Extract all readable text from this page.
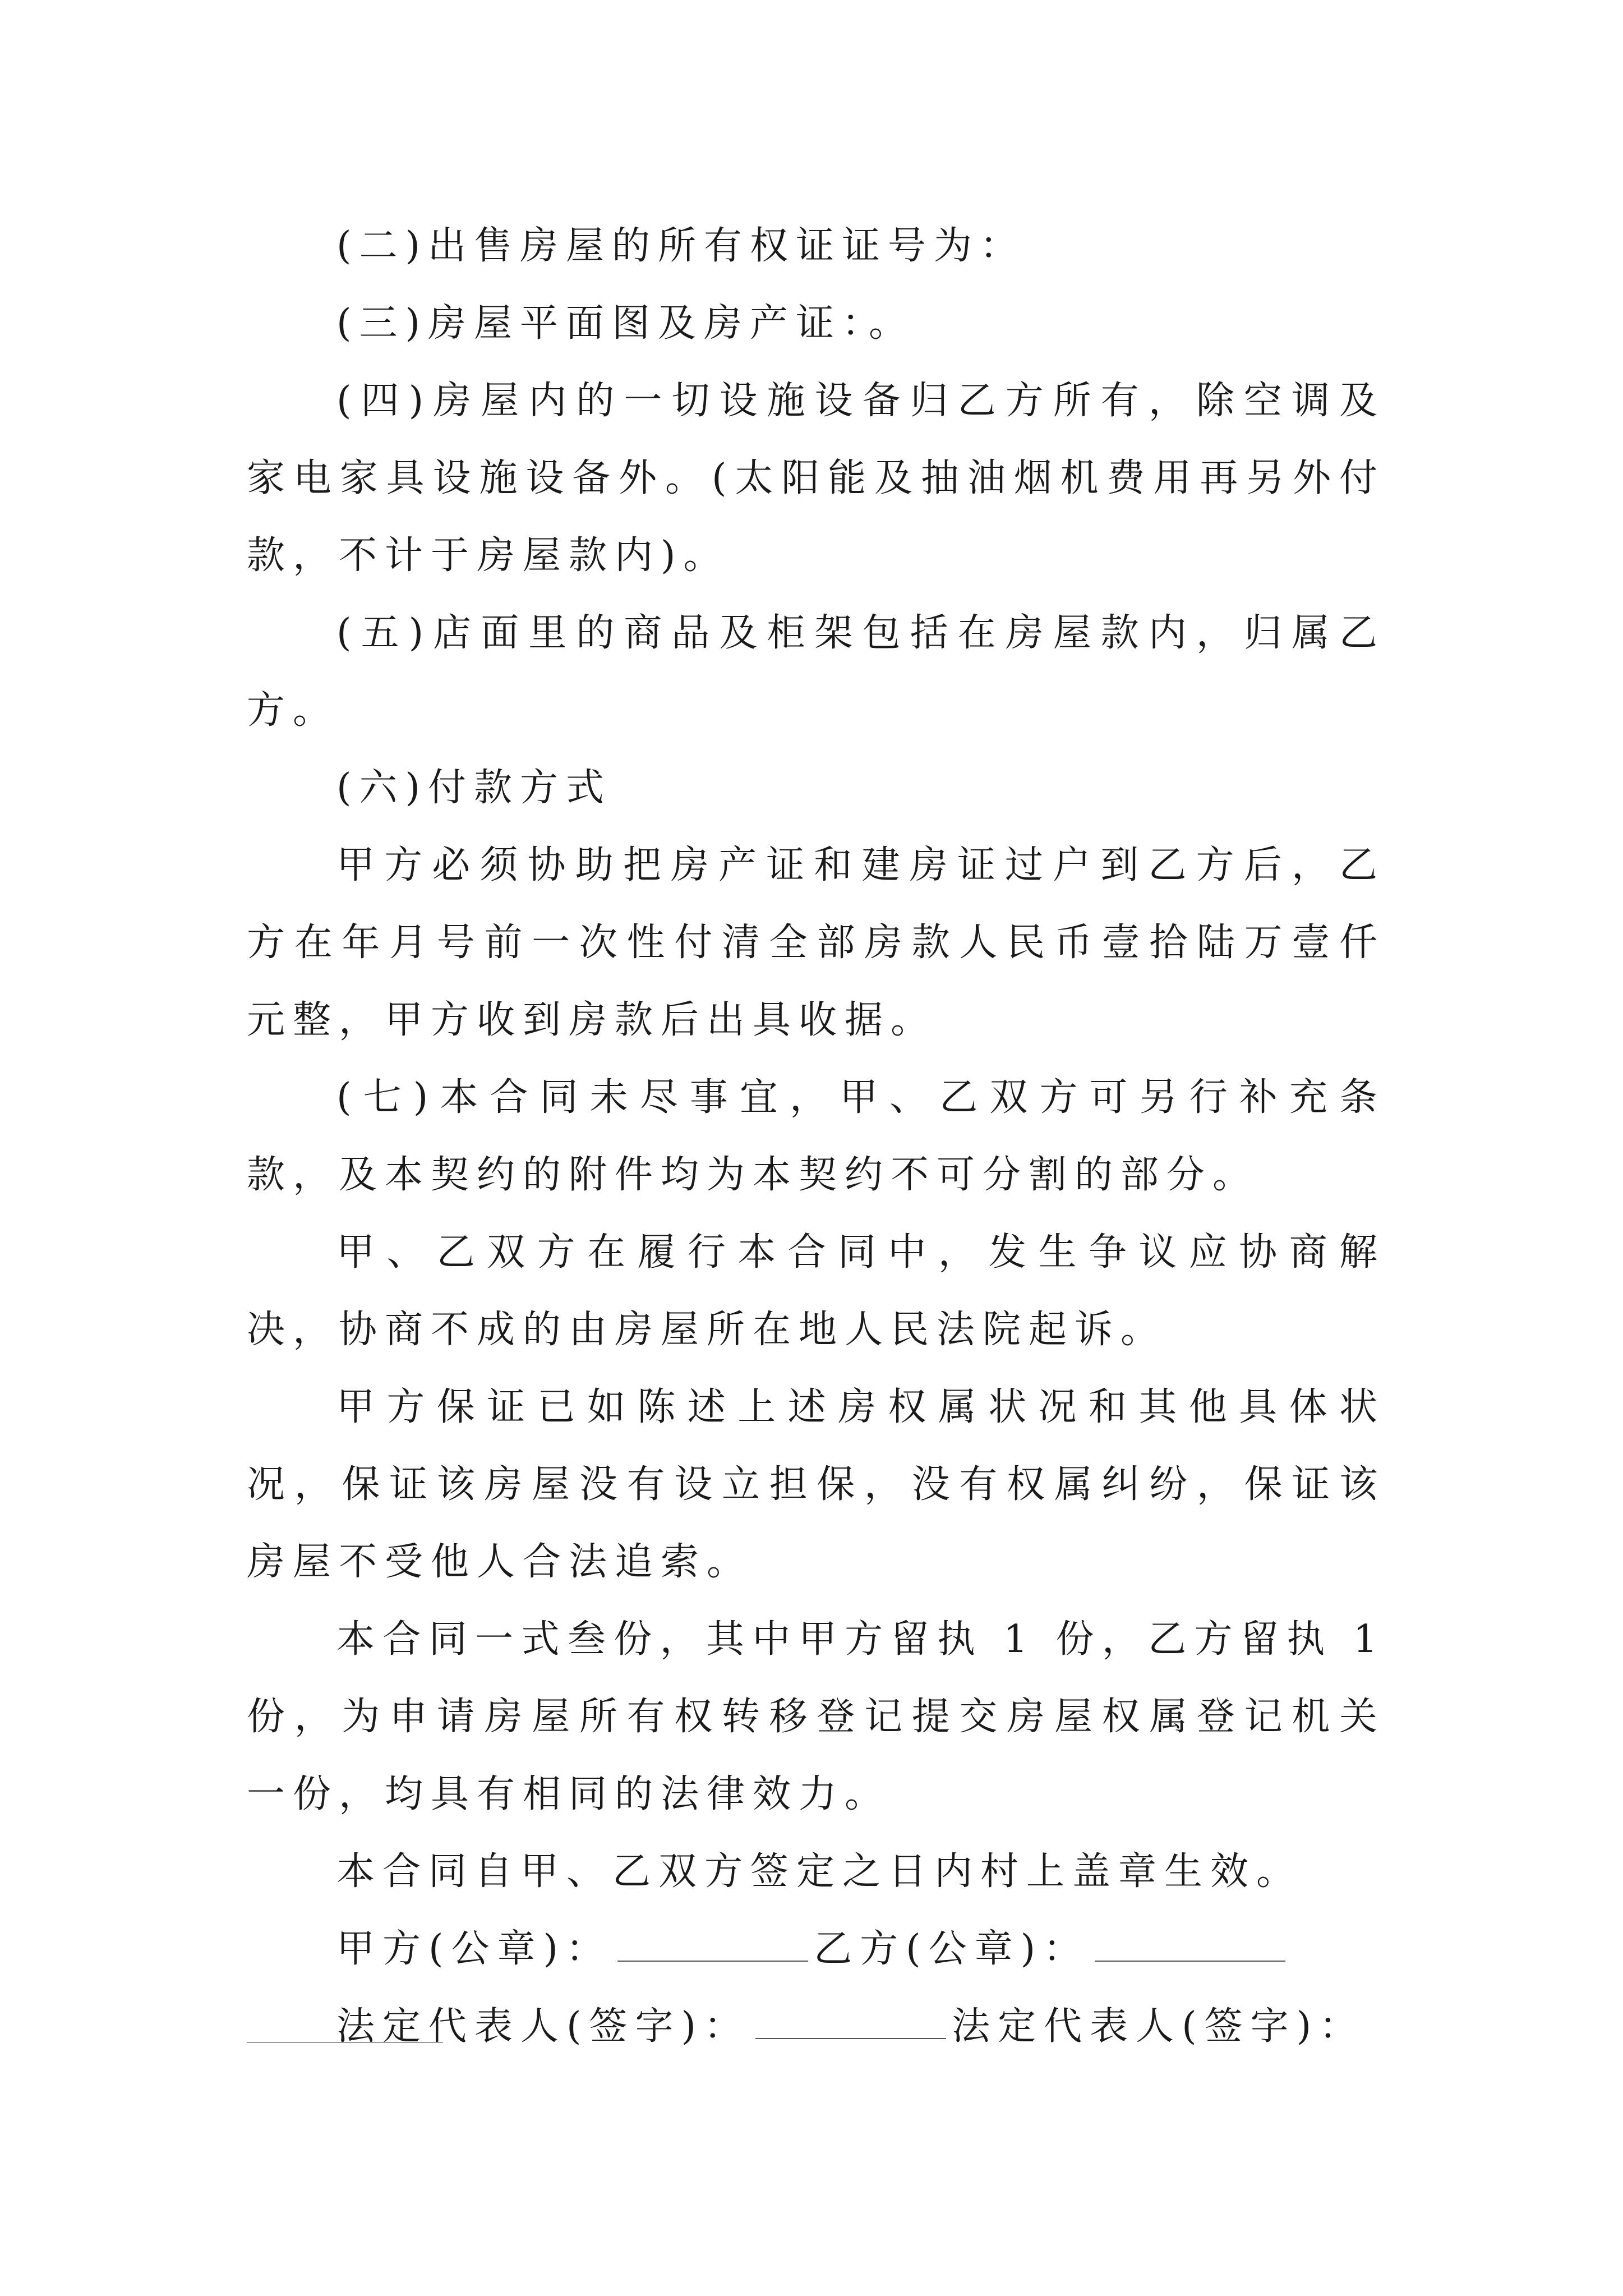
(二)出售房屋的所有权证证号为：

(三)房屋平面图及房产证：。

(四)房屋内的一切设施设备归乙方所有，除空调及家电家具设施设备外。(太阳能及抽油烟机费用再另外付款，不计于房屋款内)。

(五)店面里的商品及柜架包括在房屋款内，归属乙方。

(六)付款方式

甲方必须协助把房产证和建房证过户到乙方后，乙方在年月号前一次性付清全部房款人民币壹拾陆万壹仟元整，甲方收到房款后出具收据。

(七)本合同未尽事宜，甲、乙双方可另行补充条款，及本契约的附件均为本契约不可分割的部分。

甲、乙双方在履行本合同中，发生争议应协商解决，协商不成的由房屋所在地人民法院起诉。

甲方保证已如陈述上述房权属状况和其他具体状况，保证该房屋没有设立担保，没有权属纠纷，保证该房屋不受他人合法追索。

本合同一式叁份，其中甲方留执 1 份，乙方留执 1 份，为申请房屋所有权转移登记提交房屋权属登记机关一份，均具有相同的法律效力。

本合同自甲、乙双方签定之日内村上盖章生效。

甲方(公章)：	乙方(公章)：

法定代表人(签字)：	法定代表人(签字)：
